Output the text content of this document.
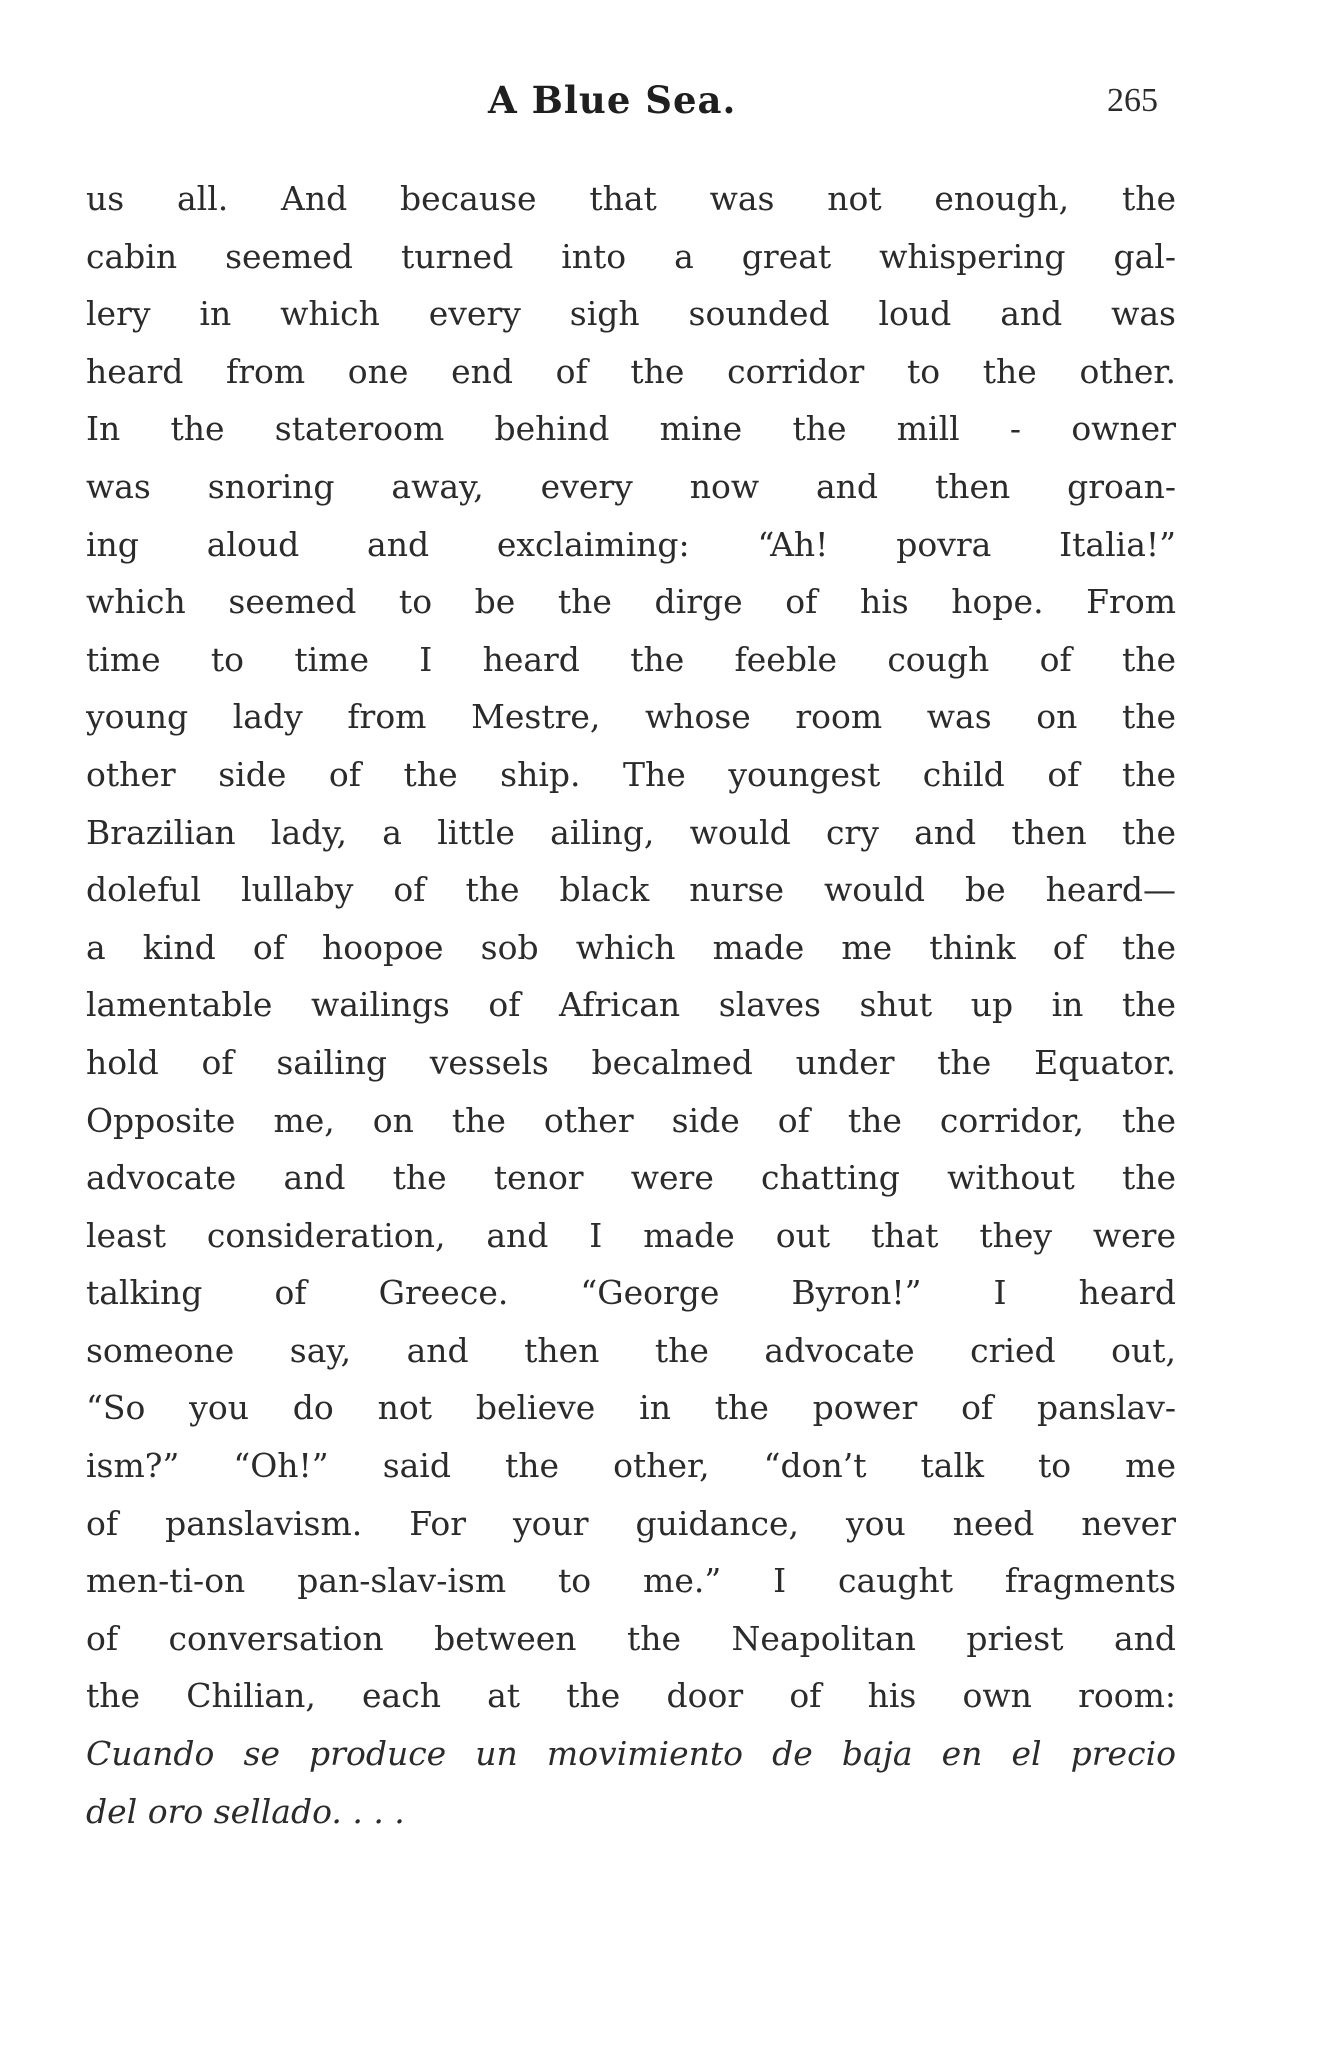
A Blue Sea.	265
us all. And because that was not enough, the
cabin seemed turned into a great whispering gal-
lery in which every sigh sounded loud and was
heard from one end of the corridor to the other.
In the stateroom behind mine the mill - owner
was snoring away, every now and then groan-
ing aloud and exclaiming: “Ah! povra Italia!”
which seemed to be the dirge of his hope. From
time to time I heard the feeble cough of the
young lady from Mestre, whose room was on the
other side of the ship. The youngest child of the
Brazilian lady, a little ailing, would cry and then the
doleful lullaby of the black nurse would be heard—
a kind of hoopoe sob which made me think of the
lamentable wailings of African slaves shut up in the
hold of sailing vessels becalmed under the Equator.
Opposite me, on the other side of the corridor, the
advocate and the tenor were chatting without the
least consideration, and I made out that they were
talking of Greece. “George Byron!” I heard
someone say, and then the advocate cried out,
“So you do not believe in the power of panslav-
ism?” “Oh!” said the other, “don’t talk to me
of panslavism. For your guidance, you need never
men-ti-on pan-slav-ism to me.” I caught fragments
of conversation between the Neapolitan priest and
the Chilian, each at the door of his own room:
Cuando se produce un movimiento de baja en el precio
del oro sellado. . . .
